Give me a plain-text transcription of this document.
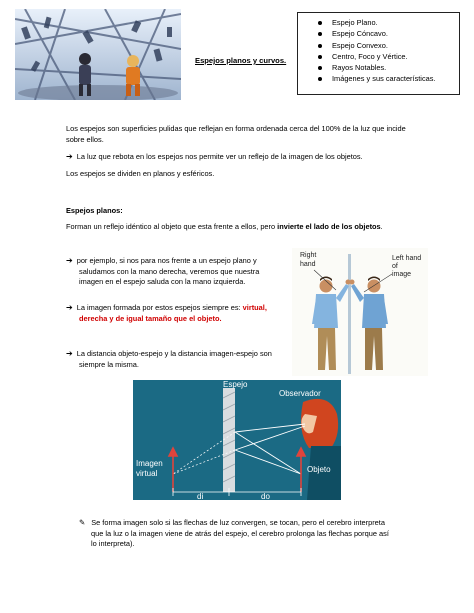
Espejos planos y curvos.
Espejo Plano.
Espejo Cóncavo.
Espejo Convexo.
Centro, Foco y Vértice.
Rayos Notables.
Imágenes y sus características.
Los espejos son superficies pulidas que reflejan en forma ordenada cerca del 100% de la luz que incide sobre ellos.
➔ La luz que rebota en los espejos nos permite ver un reflejo de la imagen de los objetos.
Los espejos se dividen en planos y esféricos.
Espejos planos:
Forman un reflejo idéntico al objeto que esta frente a ellos, pero invierte el lado de los objetos.
➔ por ejemplo, si nos para nos frente a un espejo plano y
saludamos con la mano derecha, veremos que nuestra
imagen en el espejo saluda con la mano izquierda.
➔ La imagen formada por estos espejos siempre es: virtual,
derecha y de igual tamaño que el objeto.
➔ La distancia objeto-espejo y la distancia imagen-espejo son
siempre la misma.
Right
hand
Left hand
of
image
Espejo
Observador
Imagen
virtual	Objeto
di	do
✎ Se forma imagen solo si las flechas de luz convergen, se tocan, pero el cerebro interpreta
que la luz o la imagen viene de atrás del espejo, el cerebro prolonga las flechas porque así
lo interpreta).
